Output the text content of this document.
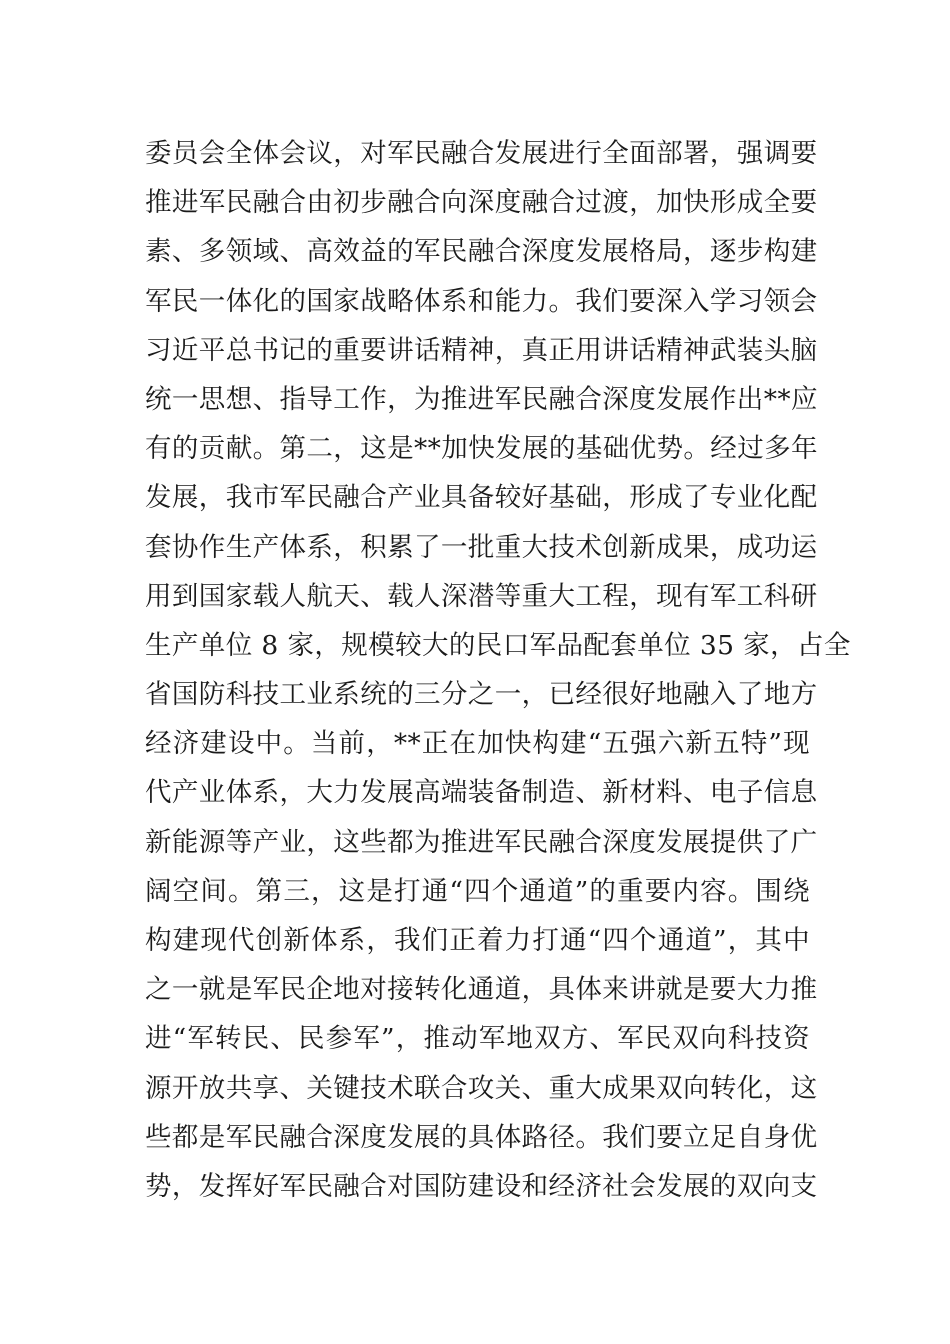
委员会全体会议，对军民融合发展进行全面部署，强调要
推进军民融合由初步融合向深度融合过渡，加快形成全要
素、多领域、高效益的军民融合深度发展格局，逐步构建
军民一体化的国家战略体系和能力。我们要深入学习领会
习近平总书记的重要讲话精神，真正用讲话精神武装头脑
统一思想、指导工作，为推进军民融合深度发展作出**应
有的贡献。第二，这是**加快发展的基础优势。经过多年
发展，我市军民融合产业具备较好基础，形成了专业化配
套协作生产体系，积累了一批重大技术创新成果，成功运
用到国家载人航天、载人深潜等重大工程，现有军工科研
生产单位 8 家，规模较大的民口军品配套单位 35 家，占全
省国防科技工业系统的三分之一，已经很好地融入了地方
经济建设中。当前，**正在加快构建“五强六新五特”现
代产业体系，大力发展高端装备制造、新材料、电子信息
新能源等产业，这些都为推进军民融合深度发展提供了广
阔空间。第三，这是打通“四个通道”的重要内容。围绕
构建现代创新体系，我们正着力打通“四个通道”，其中
之一就是军民企地对接转化通道，具体来讲就是要大力推
进“军转民、民参军”，推动军地双方、军民双向科技资
源开放共享、关键技术联合攻关、重大成果双向转化，这
些都是军民融合深度发展的具体路径。我们要立足自身优
势，发挥好军民融合对国防建设和经济社会发展的双向支
